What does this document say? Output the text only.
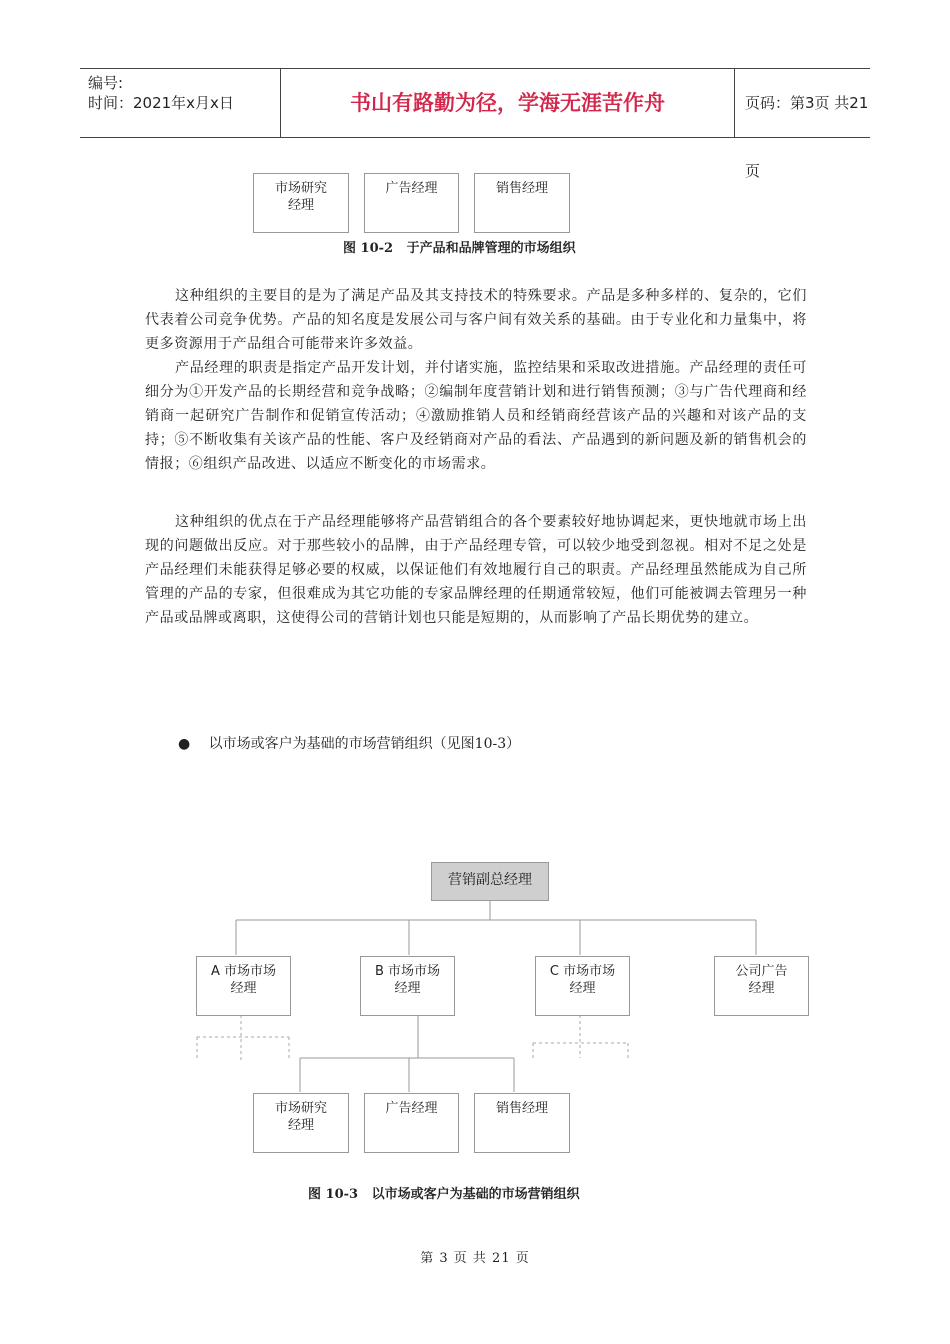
编号:
时间：2021年x月x日	书山有路勤为径，学海无涯苦作舟	页码：第3页 共21页
市场研究
经理
广告经理	销售经理
图 10-2   于产品和品牌管理的市场组织
这种组织的主要目的是为了满足产品及其支持技术的特殊要求。产品是多种多样的、复杂的，它们代表着公司竞争优势。产品的知名度是发展公司与客户间有效关系的基础。由于专业化和力量集中，将更多资源用于产品组合可能带来许多效益。
产品经理的职责是指定产品开发计划，并付诸实施，监控结果和采取改进措施。产品经理的责任可细分为①开发产品的长期经营和竞争战略；②编制年度营销计划和进行销售预测；③与广告代理商和经销商一起研究广告制作和促销宣传活动；④激励推销人员和经销商经营该产品的兴趣和对该产品的支持；⑤不断收集有关该产品的性能、客户及经销商对产品的看法、产品遇到的新问题及新的销售机会的情报；⑥组织产品改进、以适应不断变化的市场需求。
这种组织的优点在于产品经理能够将产品营销组合的各个要素较好地协调起来，更快地就市场上出现的问题做出反应。对于那些较小的品牌，由于产品经理专管，可以较少地受到忽视。相对不足之处是产品经理们未能获得足够必要的权威，以保证他们有效地履行自己的职责。产品经理虽然能成为自己所管理的产品的专家，但很难成为其它功能的专家品牌经理的任期通常较短，他们可能被调去管理另一种产品或品牌或离职，这使得公司的营销计划也只能是短期的，从而影响了产品长期优势的建立。
● 以市场或客户为基础的市场营销组织（见图10-3）
营销副总经理
A 市场市场
经理
B 市场市场
经理
C 市场市场
经理
公司广告
经理
市场研究
经理
广告经理	销售经理
图 10-3   以市场或客户为基础的市场营销组织
第 3 页 共 21 页
